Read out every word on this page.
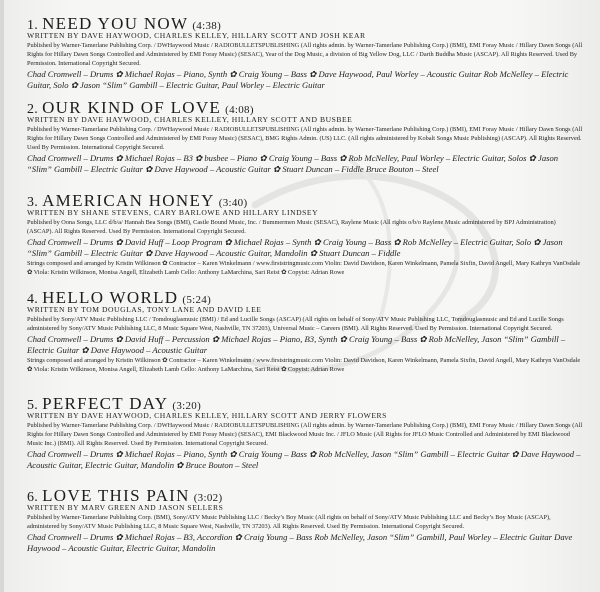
1. NEED YOU NOW (4:38)
WRITTEN BY DAVE HAYWOOD, CHARLES KELLEY, HILLARY SCOTT AND JOSH KEAR
Published by Warner-Tamerlane Publishing Corp. / DWHaywood Music / RADIOBULLETSPUBLISHING (All rights admin. by Warner-Tamerlane Publishing Corp.) (BMI), EMI Foray Music / Hillary Dawn Songs (All Rights for Hillary Dawn Songs Controlled and Administered by EMI Foray Music) (SESAC), Year of the Dog Music, a division of Big Yellow Dog, LLC / Darth Buddha Music (ASCAP). All Rights Reserved. Used By Permission. International Copyright Secured.
Chad Cromwell – Drums ✿ Michael Rojas – Piano, Synth ✿ Craig Young – Bass ✿ Dave Haywood, Paul Worley – Acoustic Guitar Rob McNelley – Electric Guitar, Solo ✿ Jason “Slim” Gambill – Electric Guitar, Paul Worley – Electric Guitar
2. OUR KIND OF LOVE (4:08)
WRITTEN BY DAVE HAYWOOD, CHARLES KELLEY, HILLARY SCOTT AND BUSBEE
Published by Warner-Tamerlane Publishing Corp. / DWHaywood Music / RADIOBULLETSPUBLISHING (All rights admin. by Warner-Tamerlane Publishing Corp.) (BMI), EMI Foray Music / Hillary Dawn Songs (All Rights for Hillary Dawn Songs Controlled and Administered by EMI Foray Music) (SESAC), BMG Rights Admin. (US) LLC. (All rights administered by Kobalt Songs Music Publishing) (ASCAP). All Rights Reserved. Used By Permission. International Copyright Secured.
Chad Cromwell – Drums ✿ Michael Rojas – B3 ✿ busbee – Piano ✿ Craig Young – Bass ✿ Rob McNelley, Paul Worley – Electric Guitar, Solos ✿ Jason “Slim” Gambill – Electric Guitar ✿ Dave Haywood – Acoustic Guitar ✿ Stuart Duncan – Fiddle Bruce Bouton – Steel
3. AMERICAN HONEY (3:40)
WRITTEN BY SHANE STEVENS, CARY BARLOWE AND HILLARY LINDSEY
Published by Oona Songs, LLC d/b/a/ Hannah Bea Songs (BMI), Castle Bound Music, Inc. / Bummermen Music (SESAC), Raylene Music (All rights o/b/o Raylene Music administered by BPJ Administration) (ASCAP). All Rights Reserved. Used By Permission. International Copyright Secured.
Chad Cromwell – Drums ✿ David Huff – Loop Program ✿ Michael Rojas – Synth ✿ Craig Young – Bass ✿ Rob McNelley – Electric Guitar, Solo ✿ Jason “Slim” Gambill – Electric Guitar ✿ Dave Haywood – Acoustic Guitar, Mandolin ✿ Stuart Duncan – Fiddle
Strings composed and arranged by Kristin Wilkinson ✿ Contractor – Karen Winkelmann / www.firststringmusic.com Violin: David Davidson, Karen Winkelmann, Pamela Sixfin, David Angell, Mary Kathryn VanOsdale ✿ Viola: Kristin Wilkinson, Monisa Angell, Elizabeth Lamb Cello: Anthony LaMarchina, Sari Reist ✿ Copyist: Adrian Rowe
4. HELLO WORLD (5:24)
WRITTEN BY TOM DOUGLAS, TONY LANE AND DAVID LEE
Published by Sony/ATV Music Publishing LLC / Tomdouglasmusic (BMI) / Ed and Lucille Songs (ASCAP) (All rights on behalf of Sony/ATV Music Publishing LLC, Tomdouglasmusic and Ed and Lucille Songs administered by Sony/ATV Music Publishing LLC, 8 Music Square West, Nashville, TN 37203), Universal Music – Careers (BMI). All Rights Reserved. Used By Permission. International Copyright Secured.
Chad Cromwell – Drums ✿ David Huff – Percussion ✿ Michael Rojas – Piano, B3, Synth ✿ Craig Young – Bass ✿ Rob McNelley, Jason “Slim” Gambill – Electric Guitar ✿ Dave Haywood – Acoustic Guitar
Strings composed and arranged by Kristin Wilkinson ✿ Contractor – Karen Winkelmann / www.firststringmusic.com Violin: David Davidson, Karen Winkelmann, Pamela Sixfin, David Angell, Mary Kathryn VanOsdale ✿ Viola: Kristin Wilkinson, Monisa Angell, Elizabeth Lamb Cello: Anthony LaMarchina, Sari Reist ✿ Copyist: Adrian Rowe
5. PERFECT DAY (3:20)
WRITTEN BY DAVE HAYWOOD, CHARLES KELLEY, HILLARY SCOTT AND JERRY FLOWERS
Published by Warner-Tamerlane Publishing Corp. / DWHaywood Music / RADIOBULLETSPUBLISHING (All rights admin. by Warner-Tamerlane Publishing Corp.) (BMI), EMI Foray Music / Hillary Dawn Songs (All Rights for Hillary Dawn Songs Controlled and Administered by EMI Foray Music) (SESAC), EMI Blackwood Music Inc. / JFLO Music (All Rights for JFLO Music Controlled and Administered by EMI Blackwood Music Inc.) (BMI). All Rights Reserved. Used By Permission. International Copyright Secured.
Chad Cromwell – Drums ✿ Michael Rojas – Piano, Synth ✿ Craig Young – Bass ✿ Rob McNelley, Jason “Slim” Gambill – Electric Guitar ✿ Dave Haywood – Acoustic Guitar, Electric Guitar, Mandolin ✿ Bruce Bouton – Steel
6. LOVE THIS PAIN (3:02)
WRITTEN BY MARV GREEN AND JASON SELLERS
Published by Warner-Tamerlane Publishing Corp. (BMI), Sony/ATV Music Publishing LLC / Becky’s Boy Music (All rights on behalf of Sony/ATV Music Publishing LLC and Becky’s Boy Music (ASCAP), administered by Sony/ATV Music Publishing LLC, 8 Music Square West, Nashville, TN 37203). All Rights Reserved. Used By Permission. International Copyright Secured.
Chad Cromwell – Drums ✿ Michael Rojas – B3, Accordion ✿ Craig Young – Bass Rob McNelley, Jason “Slim” Gambill, Paul Worley – Electric Guitar Dave Haywood – Acoustic Guitar, Electric Guitar, Mandolin
